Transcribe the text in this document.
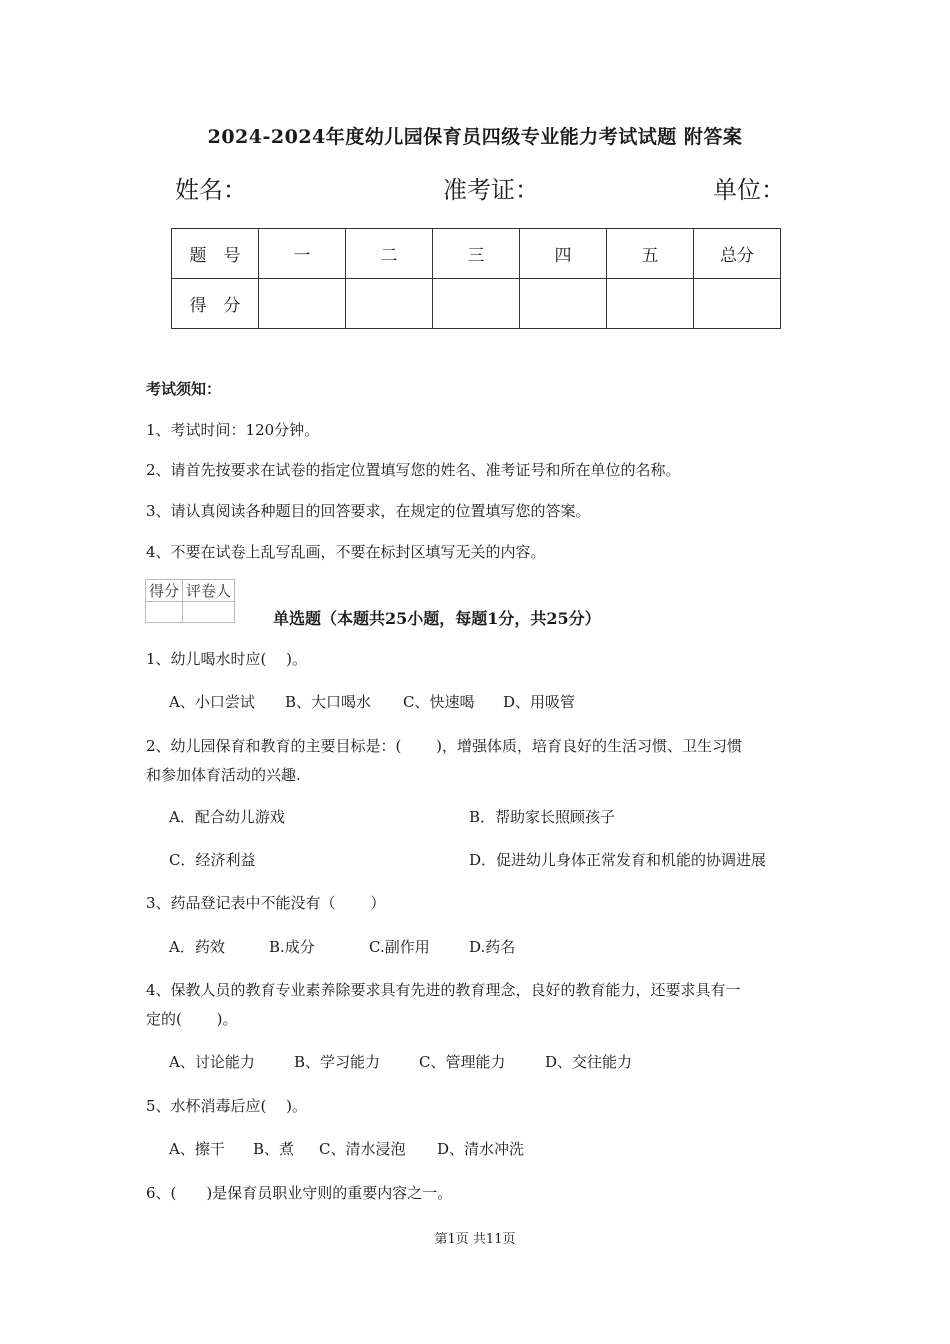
2024-2024年度幼儿园保育员四级专业能力考试试题 附答案
姓名：	准考证：	单位：
题　号	一	二	三	四	五	总分
得　分						
考试须知：
1、考试时间：120分钟。
2、请首先按要求在试卷的指定位置填写您的姓名、准考证号和所在单位的名称。
3、请认真阅读各种题目的回答要求，在规定的位置填写您的答案。
4、不要在试卷上乱写乱画，不要在标封区填写无关的内容。
得分	评卷人

单选题（本题共25小题，每题1分，共25分）
1、幼儿喝水时应(　 )。
A、小口尝试 B、大口喝水 C、快速喝 D、用吸管
2、幼儿园保育和教育的主要目标是：(　　 )，增强体质，培育良好的生活习惯、卫生习惯
和参加体育活动的兴趣.
A．配合幼儿游戏	B．帮助家长照顾孩子
C．经济利益	D．促进幼儿身体正常发育和机能的协调进展
3、药品登记表中不能没有（　　 ）
A．药效	B.成分	C.副作用	D.药名
4、保教人员的教育专业素养除要求具有先进的教育理念，良好的教育能力，还要求具有一
定的(　　 )。
A、讨论能力	B、学习能力	C、管理能力	D、交往能力
5、水杯消毒后应(　 )。
A、擦干 B、煮 C、清水浸泡 D、清水冲洗
6、(　　)是保育员职业守则的重要内容之一。
第1页 共11页
